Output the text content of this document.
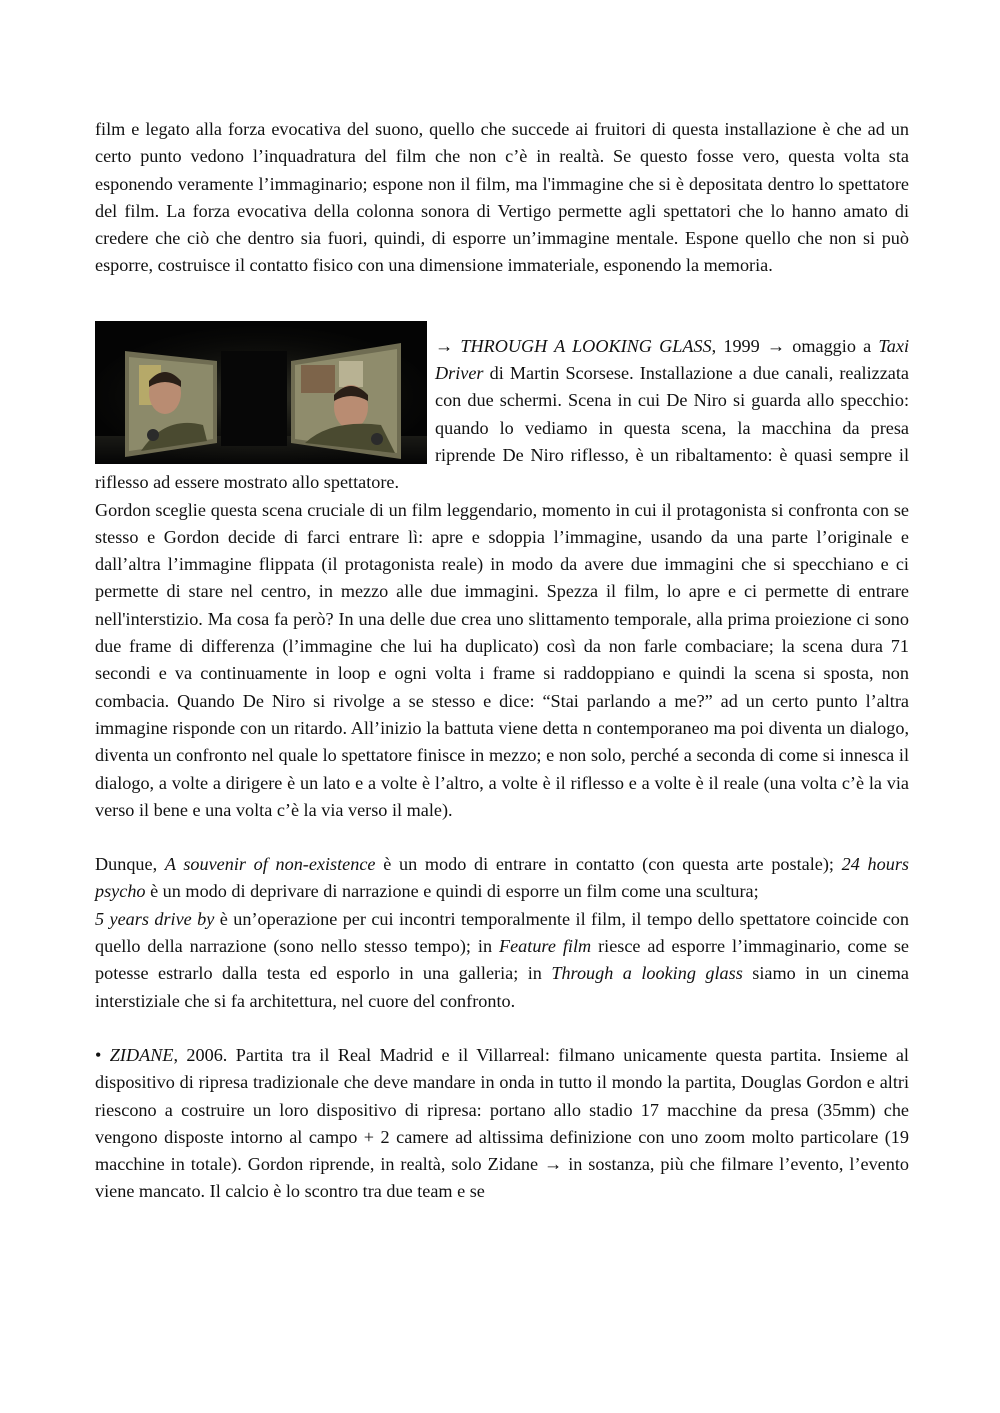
film e legato alla forza evocativa del suono, quello che succede ai fruitori di questa installazione è che ad un certo punto vedono l’inquadratura del film che non c’è in realtà. Se questo fosse vero, questa volta sta esponendo veramente l’immaginario; espone non il film, ma l'immagine che si è depositata dentro lo spettatore del film. La forza evocativa della colonna sonora di Vertigo permette agli spettatori che lo hanno amato di credere che ciò che dentro sia fuori, quindi, di esporre un’immagine mentale. Espone quello che non si può esporre, costruisce il contatto fisico con una dimensione immateriale, esponendo la memoria.

→ THROUGH A LOOKING GLASS, 1999 → omaggio a Taxi Driver di Martin Scorsese. Installazione a due canali, realizzata con due schermi. Scena in cui De Niro si guarda allo specchio: quando lo vediamo in questa scena, la macchina da presa riprende De Niro riflesso, è un ribaltamento: è quasi sempre il riflesso ad essere mostrato allo spettatore.

Gordon sceglie questa scena cruciale di un film leggendario, momento in cui il protagonista si confronta con se stesso e Gordon decide di farci entrare lì: apre e sdoppia l’immagine, usando da una parte l’originale e dall’altra l’immagine flippata (il protagonista reale) in modo da avere due immagini che si specchiano e ci permette di stare nel centro, in mezzo alle due immagini. Spezza il film, lo apre e ci permette di entrare nell'interstizio. Ma cosa fa però? In una delle due crea uno slittamento temporale, alla prima proiezione ci sono due frame di differenza (l’immagine che lui ha duplicato) così da non farle combaciare; la scena dura 71 secondi e va continuamente in loop e ogni volta i frame si raddoppiano e quindi la scena si sposta, non combacia. Quando De Niro si rivolge a se stesso e dice: “Stai parlando a me?” ad un certo punto l’altra immagine risponde con un ritardo. All’inizio la battuta viene detta n contemporaneo ma poi diventa un dialogo, diventa un confronto nel quale lo spettatore finisce in mezzo; e non solo, perché a seconda di come si innesca il dialogo, a volte a dirigere è un lato e a volte è l’altro, a volte è il riflesso e a volte è il reale (una volta c’è la via verso il bene e una volta c’è la via verso il male).

Dunque, A souvenir of non-existence è un modo di entrare in contatto (con questa arte postale); 24 hours psycho è un modo di deprivare di narrazione e quindi di esporre un film come una scultura;
5 years drive by è un’operazione per cui incontri temporalmente il film, il tempo dello spettatore coincide con quello della narrazione (sono nello stesso tempo); in Feature film riesce ad esporre l’immaginario, come se potesse estrarlo dalla testa ed esporlo in una galleria; in Through a looking glass siamo in un cinema interstiziale che si fa architettura, nel cuore del confronto.

• ZIDANE, 2006. Partita tra il Real Madrid e il Villarreal: filmano unicamente questa partita. Insieme al dispositivo di ripresa tradizionale che deve mandare in onda in tutto il mondo la partita, Douglas Gordon e altri riescono a costruire un loro dispositivo di ripresa: portano allo stadio 17 macchine da presa (35mm) che vengono disposte intorno al campo + 2 camere ad altissima definizione con uno zoom molto particolare (19 macchine in totale). Gordon riprende, in realtà, solo Zidane → in sostanza, più che filmare l’evento, l’evento viene mancato. Il calcio è lo scontro tra due team e se
